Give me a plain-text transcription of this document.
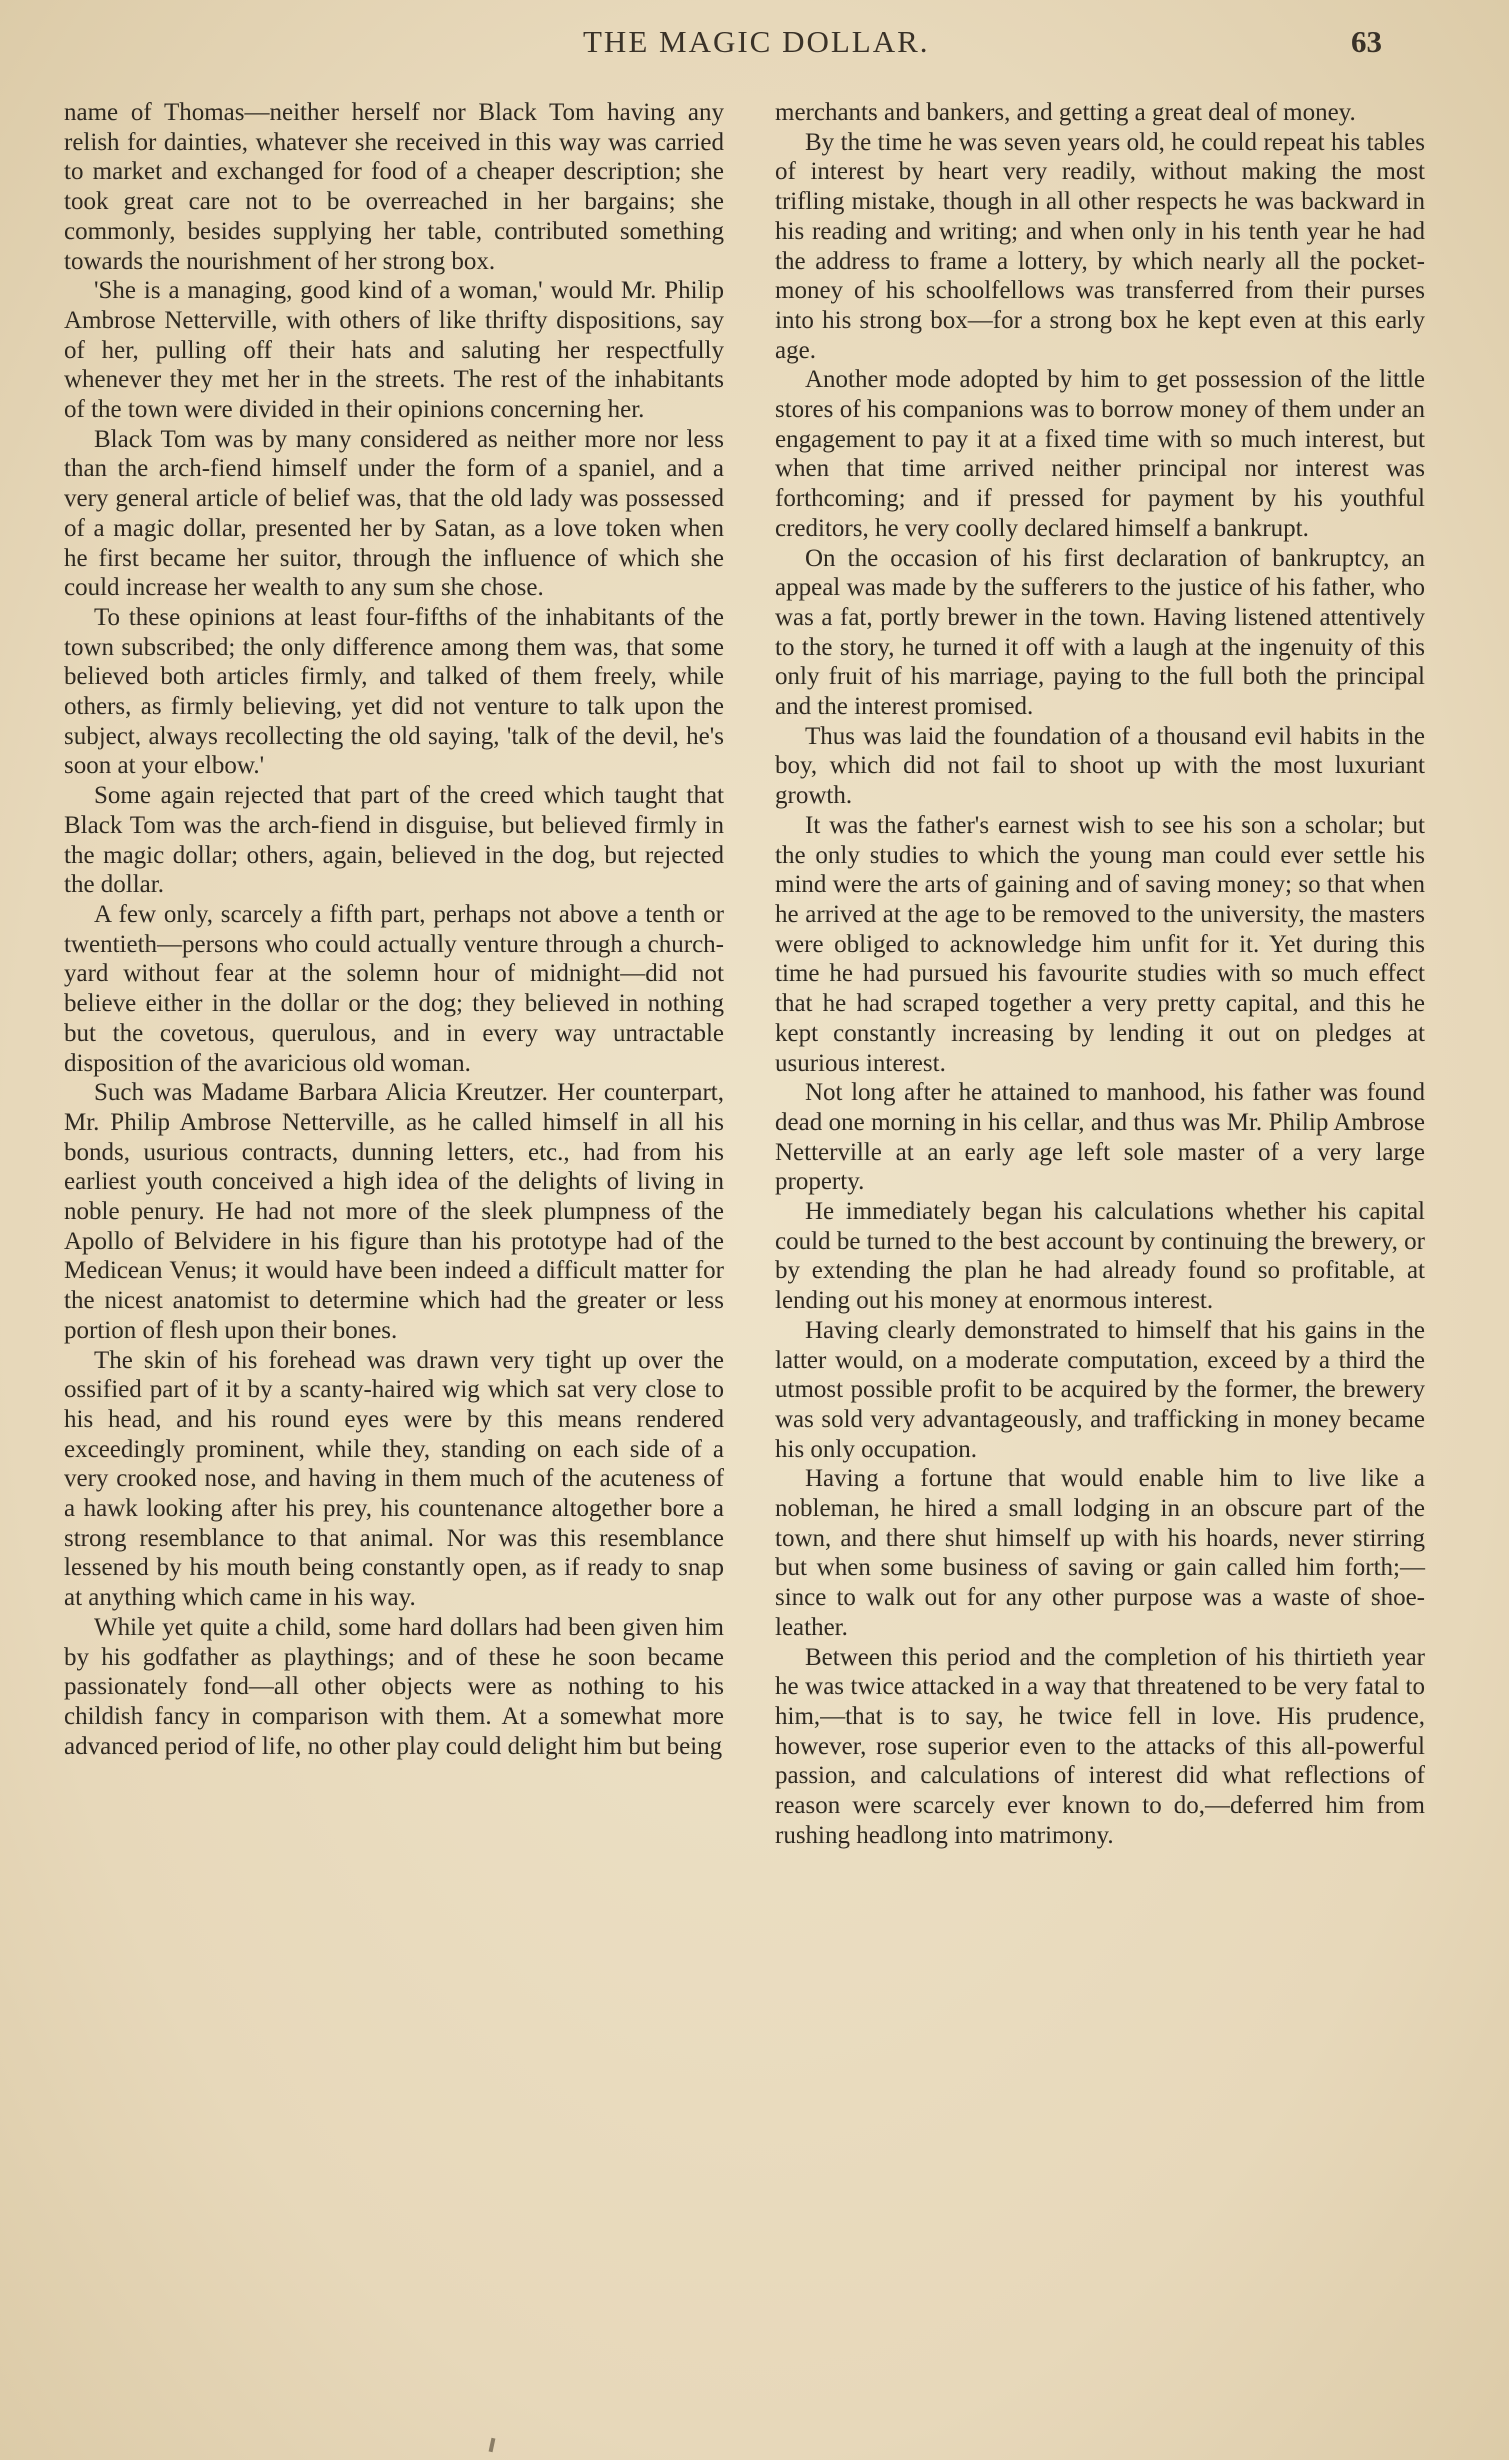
THE MAGIC DOLLAR.	63

name of Thomas—neither herself nor Black Tom having any relish for dainties, whatever she received in this way was carried to market and exchanged for food of a cheaper description; she took great care not to be overreached in her bargains; she commonly, besides supplying her table, contributed something towards the nourishment of her strong box.

'She is a managing, good kind of a woman,' would Mr. Philip Ambrose Netterville, with others of like thrifty dispositions, say of her, pulling off their hats and saluting her respectfully whenever they met her in the streets. The rest of the inhabitants of the town were divided in their opinions concerning her.

Black Tom was by many considered as neither more nor less than the arch-fiend himself under the form of a spaniel, and a very general article of belief was, that the old lady was possessed of a magic dollar, presented her by Satan, as a love token when he first became her suitor, through the influence of which she could increase her wealth to any sum she chose.

To these opinions at least four-fifths of the inhabitants of the town subscribed; the only difference among them was, that some believed both articles firmly, and talked of them freely, while others, as firmly believing, yet did not venture to talk upon the subject, always recollecting the old saying, 'talk of the devil, he's soon at your elbow.'

Some again rejected that part of the creed which taught that Black Tom was the arch-fiend in disguise, but believed firmly in the magic dollar; others, again, believed in the dog, but rejected the dollar.

A few only, scarcely a fifth part, perhaps not above a tenth or twentieth—persons who could actually venture through a church-yard without fear at the solemn hour of midnight—did not believe either in the dollar or the dog; they believed in nothing but the covetous, querulous, and in every way untractable disposition of the avaricious old woman.

Such was Madame Barbara Alicia Kreutzer. Her counterpart, Mr. Philip Ambrose Netterville, as he called himself in all his bonds, usurious contracts, dunning letters, etc., had from his earliest youth conceived a high idea of the delights of living in noble penury. He had not more of the sleek plumpness of the Apollo of Belvidere in his figure than his prototype had of the Medicean Venus; it would have been indeed a difficult matter for the nicest anatomist to determine which had the greater or less portion of flesh upon their bones.

The skin of his forehead was drawn very tight up over the ossified part of it by a scanty-haired wig which sat very close to his head, and his round eyes were by this means rendered exceedingly prominent, while they, standing on each side of a very crooked nose, and having in them much of the acuteness of a hawk looking after his prey, his countenance altogether bore a strong resemblance to that animal. Nor was this resemblance lessened by his mouth being constantly open, as if ready to snap at anything which came in his way.

While yet quite a child, some hard dollars had been given him by his godfather as playthings; and of these he soon became passionately fond—all other objects were as nothing to his childish fancy in comparison with them. At a somewhat more advanced period of life, no other play could delight him but being

merchants and bankers, and getting a great deal of money.

By the time he was seven years old, he could repeat his tables of interest by heart very readily, without making the most trifling mistake, though in all other respects he was backward in his reading and writing; and when only in his tenth year he had the address to frame a lottery, by which nearly all the pocket-money of his schoolfellows was transferred from their purses into his strong box—for a strong box he kept even at this early age.

Another mode adopted by him to get possession of the little stores of his companions was to borrow money of them under an engagement to pay it at a fixed time with so much interest, but when that time arrived neither principal nor interest was forthcoming; and if pressed for payment by his youthful creditors, he very coolly declared himself a bankrupt.

On the occasion of his first declaration of bankruptcy, an appeal was made by the sufferers to the justice of his father, who was a fat, portly brewer in the town. Having listened attentively to the story, he turned it off with a laugh at the ingenuity of this only fruit of his marriage, paying to the full both the principal and the interest promised.

Thus was laid the foundation of a thousand evil habits in the boy, which did not fail to shoot up with the most luxuriant growth.

It was the father's earnest wish to see his son a scholar; but the only studies to which the young man could ever settle his mind were the arts of gaining and of saving money; so that when he arrived at the age to be removed to the university, the masters were obliged to acknowledge him unfit for it. Yet during this time he had pursued his favourite studies with so much effect that he had scraped together a very pretty capital, and this he kept constantly increasing by lending it out on pledges at usurious interest.

Not long after he attained to manhood, his father was found dead one morning in his cellar, and thus was Mr. Philip Ambrose Netterville at an early age left sole master of a very large property.

He immediately began his calculations whether his capital could be turned to the best account by continuing the brewery, or by extending the plan he had already found so profitable, at lending out his money at enormous interest.

Having clearly demonstrated to himself that his gains in the latter would, on a moderate computation, exceed by a third the utmost possible profit to be acquired by the former, the brewery was sold very advantageously, and trafficking in money became his only occupation.

Having a fortune that would enable him to live like a nobleman, he hired a small lodging in an obscure part of the town, and there shut himself up with his hoards, never stirring but when some business of saving or gain called him forth;—since to walk out for any other purpose was a waste of shoe-leather.

Between this period and the completion of his thirtieth year he was twice attacked in a way that threatened to be very fatal to him,—that is to say, he twice fell in love. His prudence, however, rose superior even to the attacks of this all-powerful passion, and calculations of interest did what reflections of reason were scarcely ever known to do,—deferred him from rushing headlong into matrimony.
